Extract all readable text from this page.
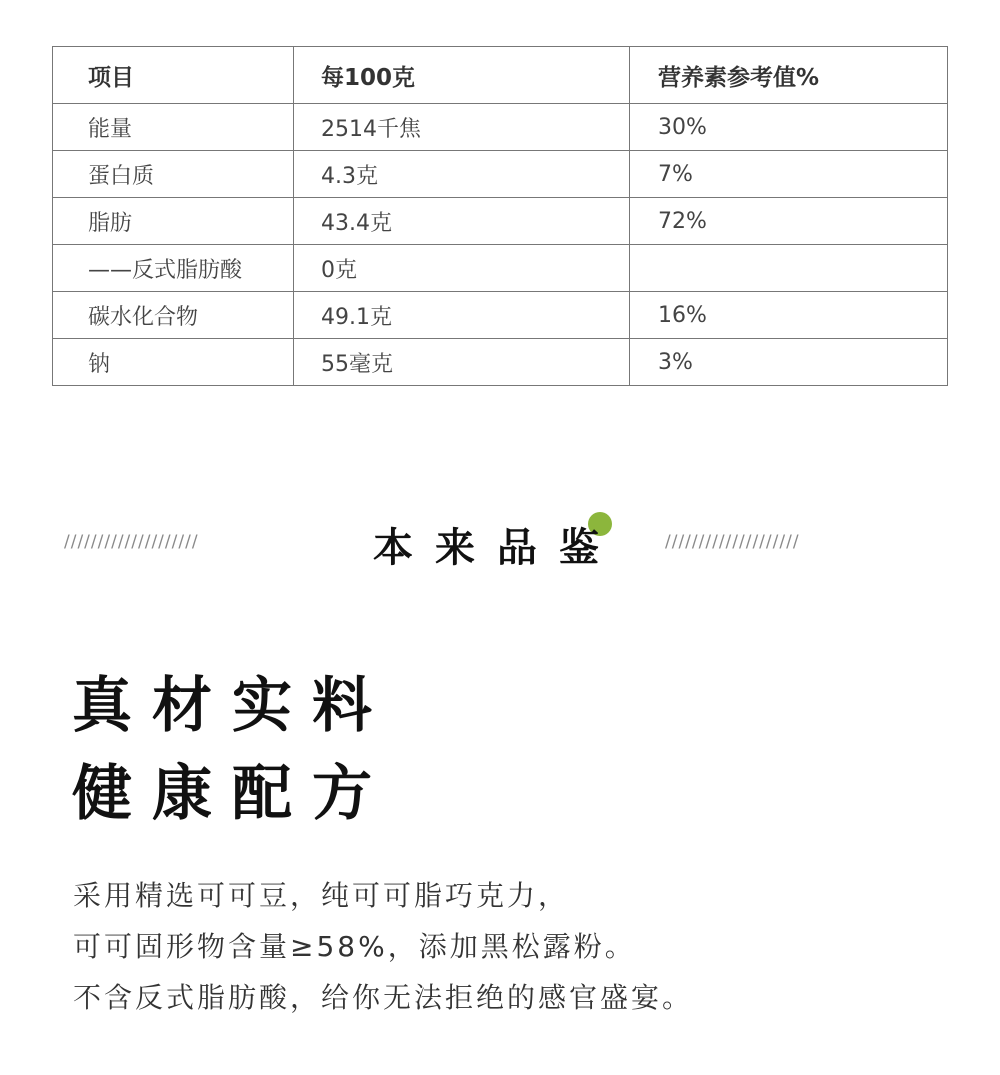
项目	每100克	营养素参考值%
能量	2514千焦	30%
蛋白质	4.3克	7%
脂肪	43.4克	72%
——反式脂肪酸	0克	
碳水化合物	49.1克	16%
钠	55毫克	3%
////////////////////	本来品鉴	////////////////////
真材实料
健康配方
采用精选可可豆，纯可可脂巧克力，
可可固形物含量≥58%，添加黑松露粉。
不含反式脂肪酸，给你无法拒绝的感官盛宴。
